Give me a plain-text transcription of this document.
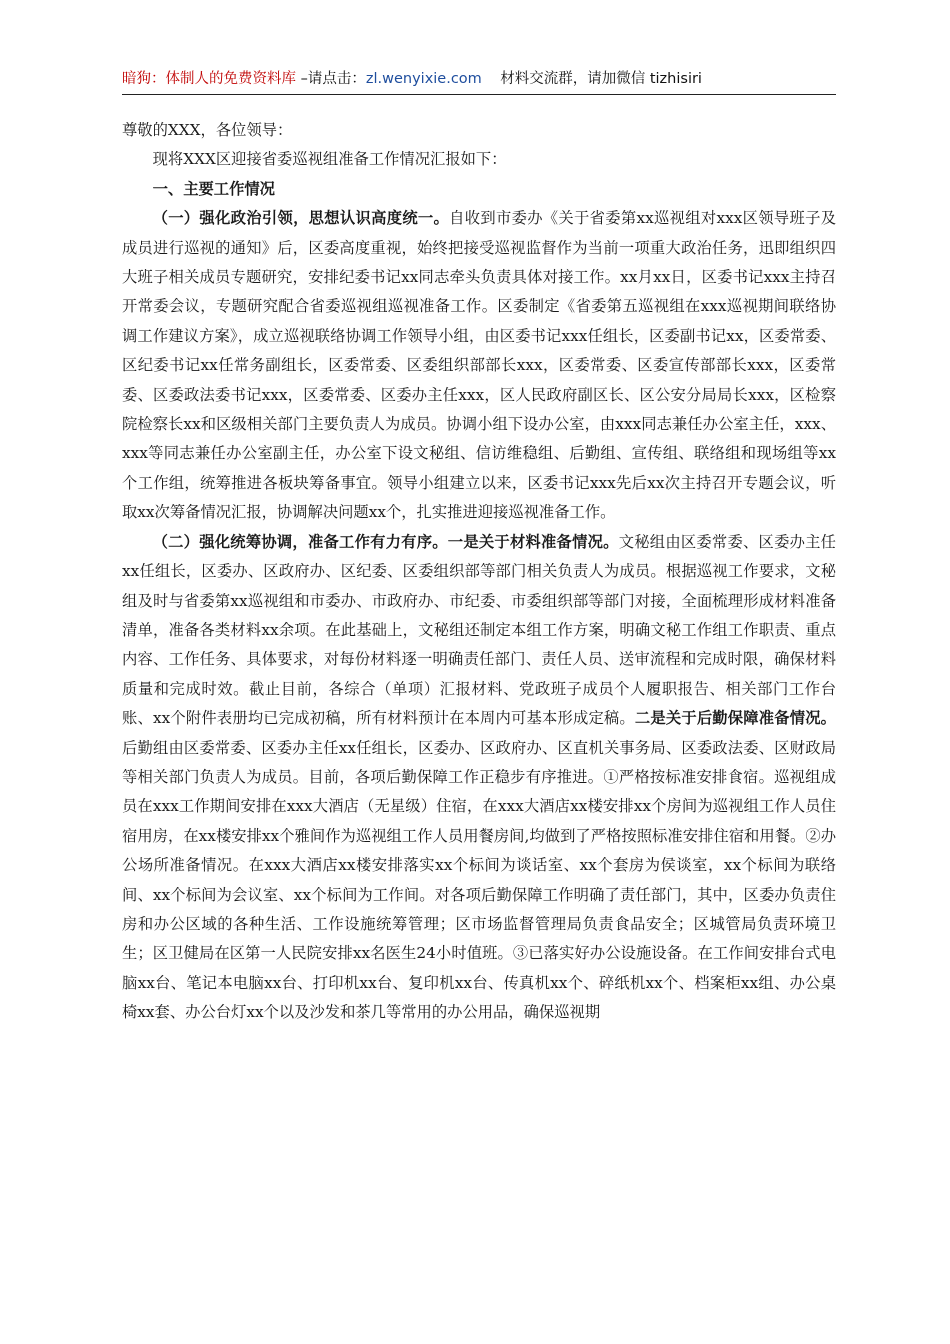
暗狗：体制人的免费资料库 –请点击：zl.wenyixie.com 材料交流群，请加微信 tizhisiri

尊敬的XXX，各位领导：

现将XXX区迎接省委巡视组准备工作情况汇报如下：

一、主要工作情况

（一）强化政治引领，思想认识高度统一。自收到市委办《关于省委第xx巡视组对xxx区领导班子及成员进行巡视的通知》后，区委高度重视，始终把接受巡视监督作为当前一项重大政治任务，迅即组织四大班子相关成员专题研究，安排纪委书记xx同志牵头负责具体对接工作。xx月xx日，区委书记xxx主持召开常委会议，专题研究配合省委巡视组巡视准备工作。区委制定《省委第五巡视组在xxx巡视期间联络协调工作建议方案》，成立巡视联络协调工作领导小组，由区委书记xxx任组长，区委副书记xx，区委常委、区纪委书记xx任常务副组长，区委常委、区委组织部部长xxx，区委常委、区委宣传部部长xxx，区委常委、区委政法委书记xxx，区委常委、区委办主任xxx，区人民政府副区长、区公安分局局长xxx，区检察院检察长xx和区级相关部门主要负责人为成员。协调小组下设办公室，由xxx同志兼任办公室主任，xxx、xxx等同志兼任办公室副主任，办公室下设文秘组、信访维稳组、后勤组、宣传组、联络组和现场组等xx个工作组，统筹推进各板块筹备事宜。领导小组建立以来，区委书记xxx先后xx次主持召开专题会议，听取xx次筹备情况汇报，协调解决问题xx个，扎实推进迎接巡视准备工作。

（二）强化统筹协调，准备工作有力有序。一是关于材料准备情况。文秘组由区委常委、区委办主任xx任组长，区委办、区政府办、区纪委、区委组织部等部门相关负责人为成员。根据巡视工作要求，文秘组及时与省委第xx巡视组和市委办、市政府办、市纪委、市委组织部等部门对接，全面梳理形成材料准备清单，准备各类材料xx余项。在此基础上，文秘组还制定本组工作方案，明确文秘工作组工作职责、重点内容、工作任务、具体要求，对每份材料逐一明确责任部门、责任人员、送审流程和完成时限，确保材料质量和完成时效。截止目前，各综合（单项）汇报材料、党政班子成员个人履职报告、相关部门工作台账、xx个附件表册均已完成初稿，所有材料预计在本周内可基本形成定稿。二是关于后勤保障准备情况。后勤组由区委常委、区委办主任xx任组长，区委办、区政府办、区直机关事务局、区委政法委、区财政局等相关部门负责人为成员。目前，各项后勤保障工作正稳步有序推进。①严格按标准安排食宿。巡视组成员在xxx工作期间安排在xxx大酒店（无星级）住宿，在xxx大酒店xx楼安排xx个房间为巡视组工作人员住宿用房，在xx楼安排xx个雅间作为巡视组工作人员用餐房间,均做到了严格按照标准安排住宿和用餐。②办公场所准备情况。在xxx大酒店xx楼安排落实xx个标间为谈话室、xx个套房为侯谈室，xx个标间为联络间、xx个标间为会议室、xx个标间为工作间。对各项后勤保障工作明确了责任部门，其中，区委办负责住房和办公区域的各种生活、工作设施统筹管理；区市场监督管理局负责食品安全；区城管局负责环境卫生；区卫健局在区第一人民院安排xx名医生24小时值班。③已落实好办公设施设备。在工作间安排台式电脑xx台、笔记本电脑xx台、打印机xx台、复印机xx台、传真机xx个、碎纸机xx个、档案柜xx组、办公桌椅xx套、办公台灯xx个以及沙发和茶几等常用的办公用品，确保巡视期
